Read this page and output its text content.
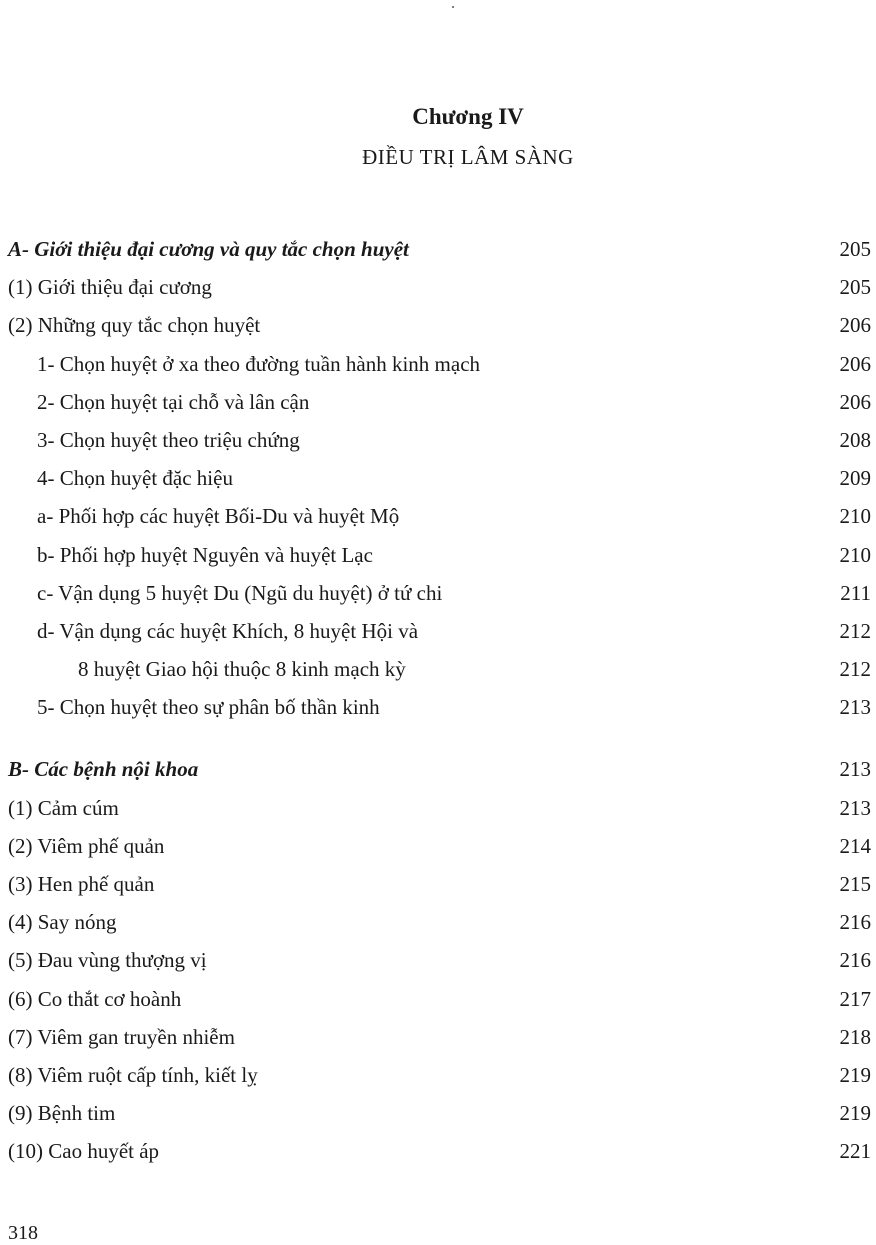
Chương IV
ĐIỀU TRỊ LÂM SÀNG
A- Giới thiệu đại cương và quy tắc chọn huyệt	205
(1) Giới thiệu đại cương	205
(2) Những quy tắc chọn huyệt	206
1- Chọn huyệt ở xa theo đường tuần hành kinh mạch	206
2- Chọn huyệt tại chỗ và lân cận	206
3- Chọn huyệt theo triệu chứng	208
4- Chọn huyệt đặc hiệu	209
a- Phối hợp các huyệt Bối-Du và huyệt Mộ	210
b- Phối hợp huyệt Nguyên và huyệt Lạc	210
c- Vận dụng 5 huyệt Du (Ngũ du huyệt) ở tứ chi	211
d- Vận dụng các huyệt Khích, 8 huyệt Hội và	212
8 huyệt Giao hội thuộc 8 kinh mạch kỳ	212
5- Chọn huyệt theo sự phân bố thần kinh	213
B- Các bệnh nội khoa	213
(1) Cảm cúm	213
(2) Viêm phế quản	214
(3) Hen phế quản	215
(4) Say nóng	216
(5) Đau vùng thượng vị	216
(6) Co thắt cơ hoành	217
(7) Viêm gan truyền nhiễm	218
(8) Viêm ruột cấp tính, kiết lỵ	219
(9) Bệnh tim	219
(10) Cao huyết áp	221
318
